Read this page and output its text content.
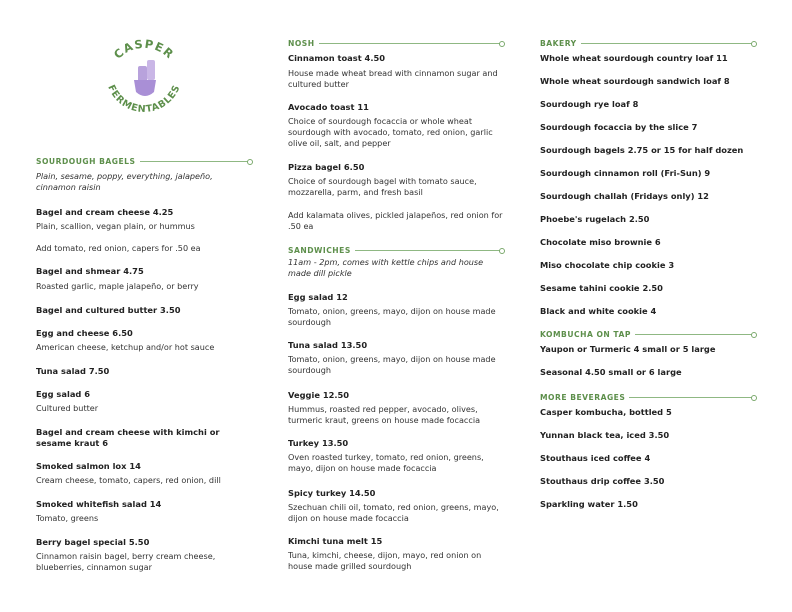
CASPER
FERMENTABLES
SOURDOUGH BAGELS
Plain, sesame, poppy, everything, jalapeño, cinnamon raisin
Bagel and cream cheese 4.25
Plain, scallion, vegan plain, or hummus
Add tomato, red onion, capers for .50 ea
Bagel and shmear 4.75
Roasted garlic, maple jalapeño, or berry
Bagel and cultured butter 3.50
Egg and cheese 6.50
American cheese, ketchup and/or hot sauce
Tuna salad 7.50
Egg salad 6
Cultured butter
Bagel and cream cheese with kimchi or
sesame kraut 6
Smoked salmon lox 14
Cream cheese, tomato, capers, red onion, dill
Smoked whitefish salad 14
Tomato, greens
Berry bagel special 5.50
Cinnamon raisin bagel, berry cream cheese, blueberries, cinnamon sugar
NOSH
Cinnamon toast 4.50
House made wheat bread with cinnamon sugar and cultured butter
Avocado toast 11
Choice of sourdough focaccia or whole wheat sourdough with avocado, tomato, red onion, garlic olive oil, salt, and pepper
Pizza bagel 6.50
Choice of sourdough bagel with tomato sauce, mozzarella, parm, and fresh basil
Add kalamata olives, pickled jalapeños, red onion for .50 ea
SANDWICHES
11am - 2pm, comes with kettle chips and house made dill pickle
Egg salad 12
Tomato, onion, greens, mayo, dijon on house made sourdough
Tuna salad 13.50
Tomato, onion, greens, mayo, dijon on house made sourdough
Veggie 12.50
Hummus, roasted red pepper, avocado, olives, turmeric kraut, greens on house made focaccia
Turkey 13.50
Oven roasted turkey, tomato, red onion, greens, mayo, dijon on house made focaccia
Spicy turkey 14.50
Szechuan chili oil, tomato, red onion, greens, mayo, dijon on house made focaccia
Kimchi tuna melt 15
Tuna, kimchi, cheese, dijon, mayo, red onion on house made grilled sourdough
BAKERY
Whole wheat sourdough country loaf 11
Whole wheat sourdough sandwich loaf 8
Sourdough rye loaf 8
Sourdough focaccia by the slice 7
Sourdough bagels 2.75 or 15 for half dozen
Sourdough cinnamon roll (Fri-Sun) 9
Sourdough challah (Fridays only) 12
Phoebe's rugelach 2.50
Chocolate miso brownie 6
Miso chocolate chip cookie 3
Sesame tahini cookie 2.50
Black and white cookie 4
KOMBUCHA ON TAP
Yaupon or Turmeric 4 small or 5 large
Seasonal 4.50 small or 6 large
MORE BEVERAGES
Casper kombucha, bottled 5
Yunnan black tea, iced 3.50
Stouthaus iced coffee 4
Stouthaus drip coffee 3.50
Sparkling water 1.50
